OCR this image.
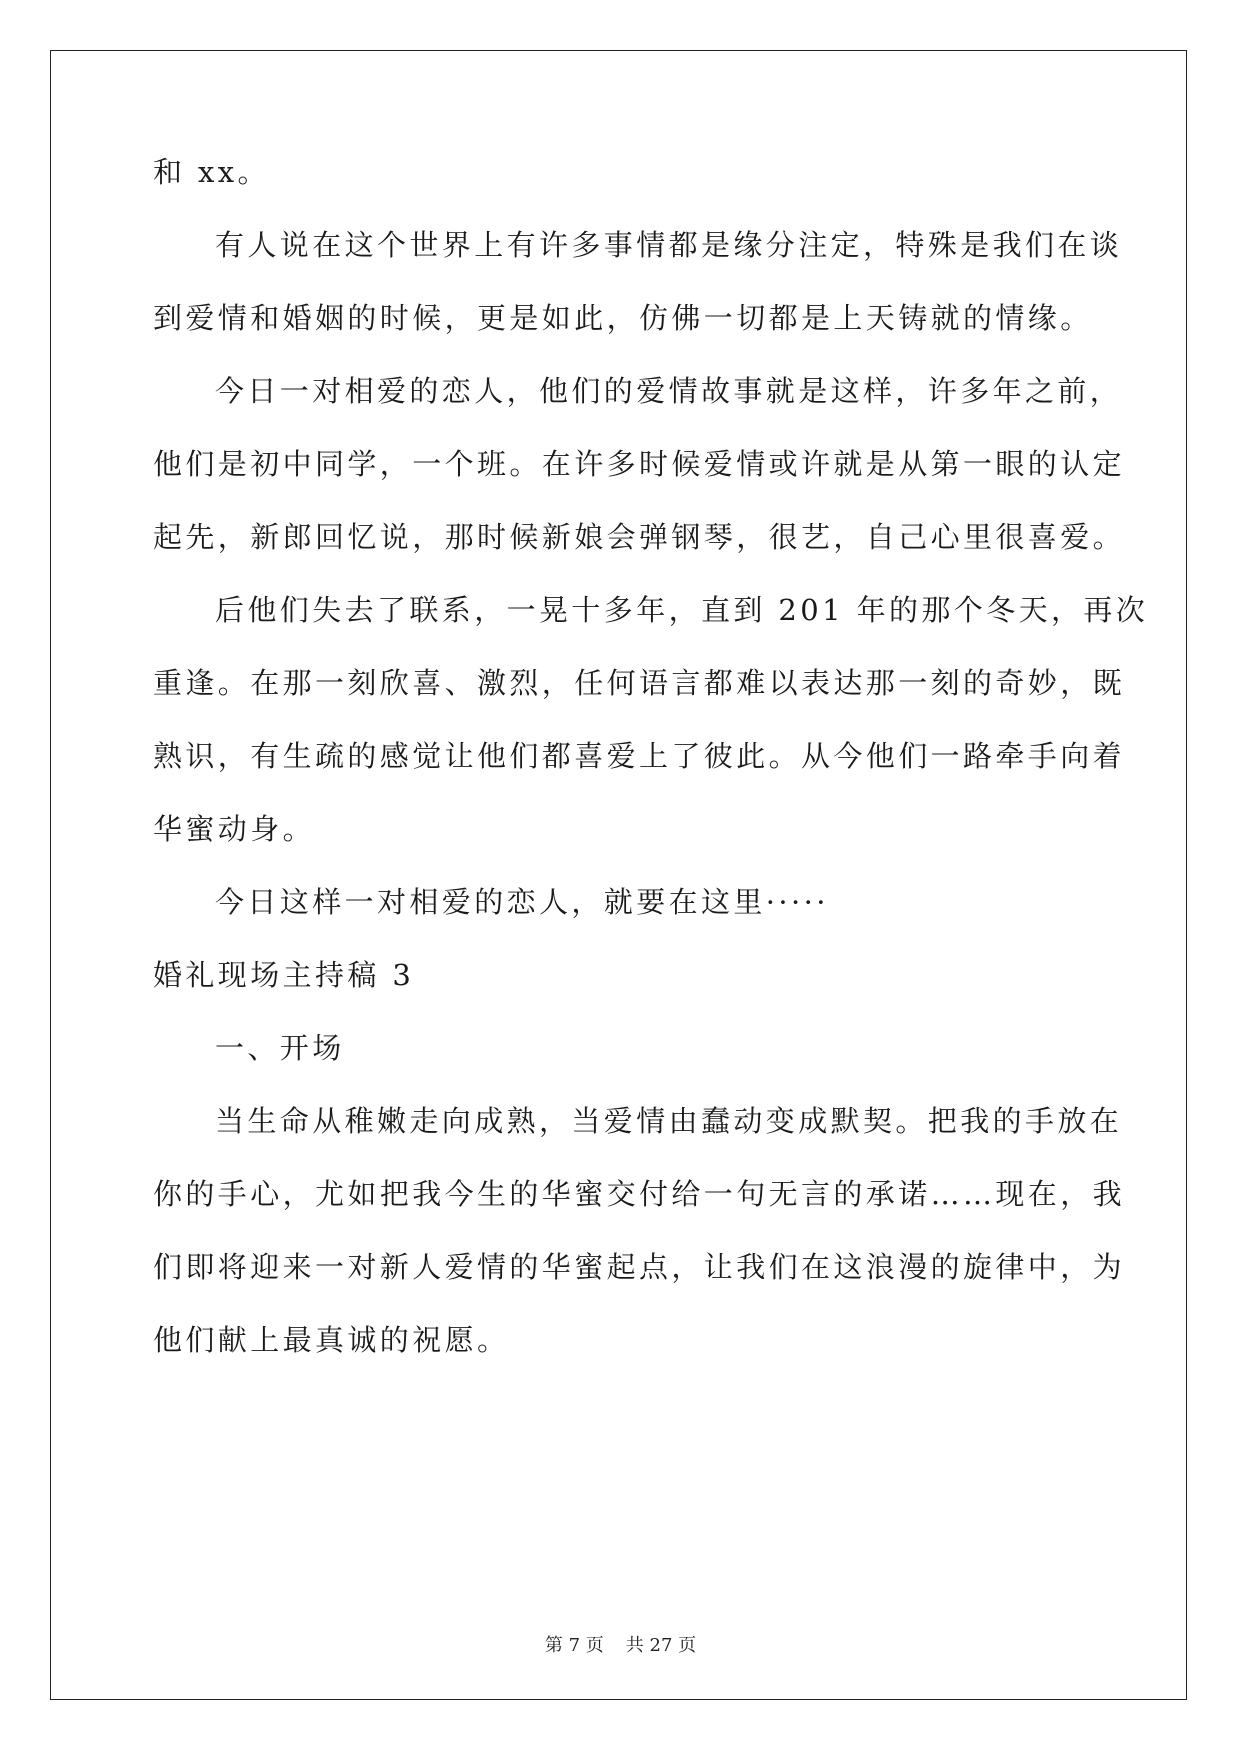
和 xx。
有人说在这个世界上有许多事情都是缘分注定，特殊是我们在谈
到爱情和婚姻的时候，更是如此，仿佛一切都是上天铸就的情缘。
今日一对相爱的恋人，他们的爱情故事就是这样，许多年之前，
他们是初中同学，一个班。在许多时候爱情或许就是从第一眼的认定
起先，新郎回忆说，那时候新娘会弹钢琴，很艺，自己心里很喜爱。
后他们失去了联系，一晃十多年，直到 201 年的那个冬天，再次
重逢。在那一刻欣喜、激烈，任何语言都难以表达那一刻的奇妙，既
熟识，有生疏的感觉让他们都喜爱上了彼此。从今他们一路牵手向着
华蜜动身。
今日这样一对相爱的恋人，就要在这里·····
婚礼现场主持稿 3
一、开场
当生命从稚嫩走向成熟，当爱情由蠢动变成默契。把我的手放在
你的手心，尤如把我今生的华蜜交付给一句无言的承诺……现在，我
们即将迎来一对新人爱情的华蜜起点，让我们在这浪漫的旋律中，为
他们献上最真诚的祝愿。
第 7 页 共 27 页
